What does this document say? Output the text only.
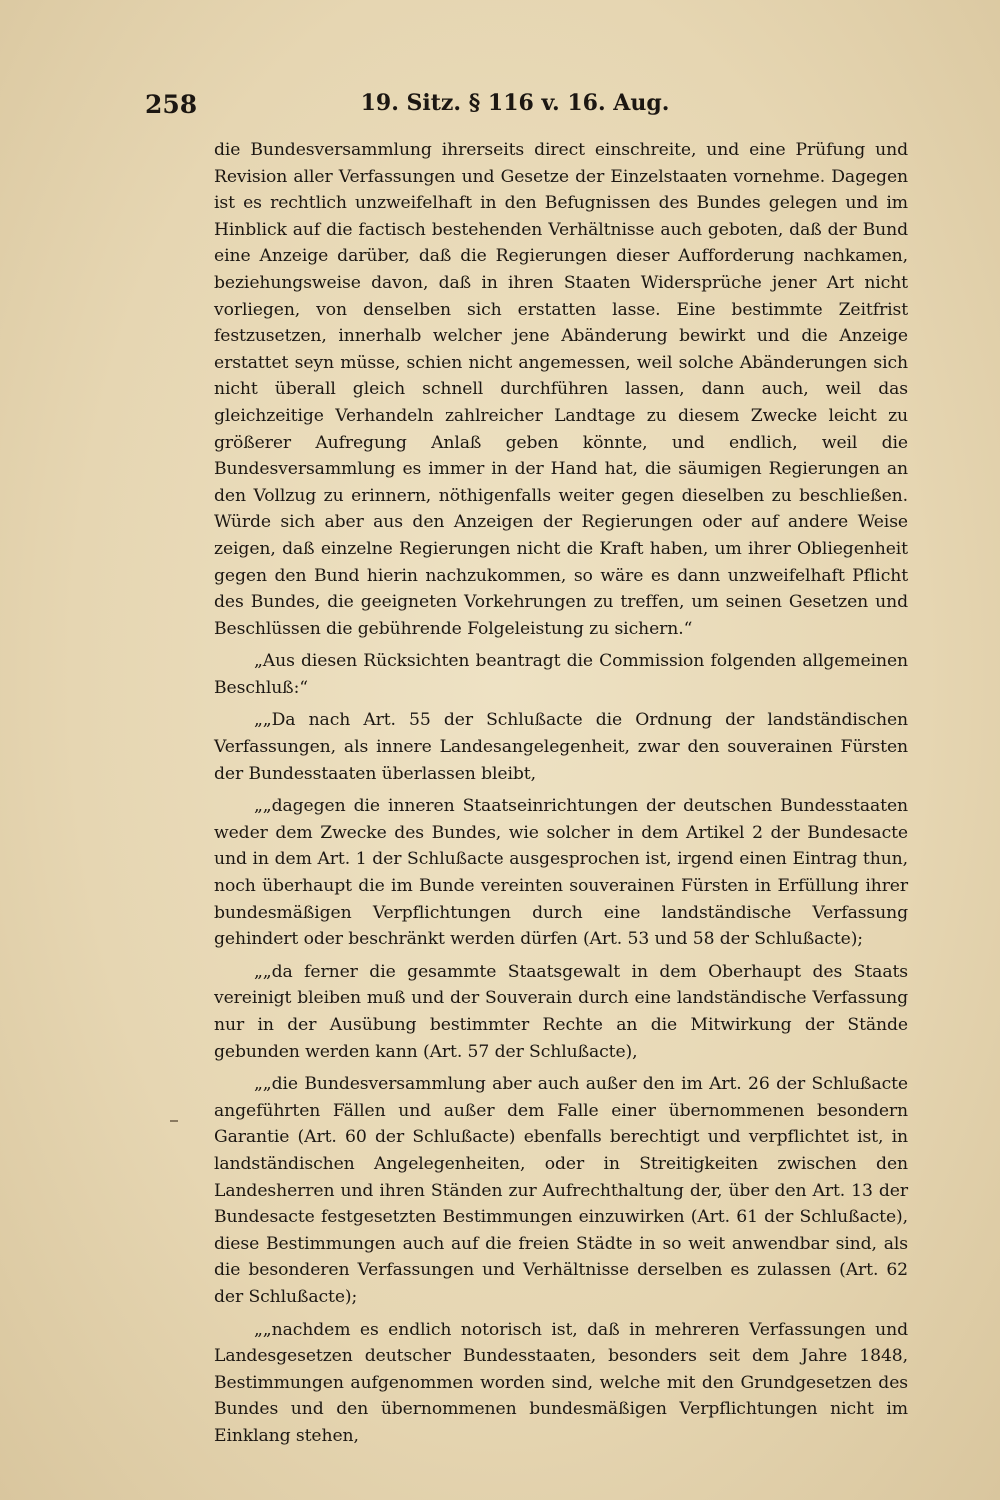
258	19. Sitz. § 116 v. 16. Aug.

die Bundesversammlung ihrerseits direct einschreite, und eine Prüfung und Revision aller Verfassungen und Gesetze der Einzelstaaten vornehme. Dagegen ist es rechtlich unzweifelhaft in den Befugnissen des Bundes gelegen und im Hinblick auf die factisch bestehenden Verhältnisse auch geboten, daß der Bund eine Anzeige darüber, daß die Regierungen dieser Aufforderung nachkamen, beziehungsweise davon, daß in ihren Staaten Widersprüche jener Art nicht vorliegen, von denselben sich erstatten lasse. Eine bestimmte Zeitfrist festzusetzen, innerhalb welcher jene Abänderung bewirkt und die Anzeige erstattet seyn müsse, schien nicht angemessen, weil solche Abänderungen sich nicht überall gleich schnell durchführen lassen, dann auch, weil das gleichzeitige Verhandeln zahlreicher Landtage zu diesem Zwecke leicht zu größerer Aufregung Anlaß geben könnte, und endlich, weil die Bundesversammlung es immer in der Hand hat, die säumigen Regierungen an den Vollzug zu erinnern, nöthigenfalls weiter gegen dieselben zu beschließen. Würde sich aber aus den Anzeigen der Regierungen oder auf andere Weise zeigen, daß einzelne Regierungen nicht die Kraft haben, um ihrer Obliegenheit gegen den Bund hierin nachzukommen, so wäre es dann unzweifelhaft Pflicht des Bundes, die geeigneten Vorkehrungen zu treffen, um seinen Gesetzen und Beschlüssen die gebührende Folgeleistung zu sichern.“

„Aus diesen Rücksichten beantragt die Commission folgenden allgemeinen Beschluß:“

„„Da nach Art. 55 der Schlußacte die Ordnung der landständischen Verfassungen, als innere Landesangelegenheit, zwar den souverainen Fürsten der Bundesstaaten überlassen bleibt,

„„dagegen die inneren Staatseinrichtungen der deutschen Bundesstaaten weder dem Zwecke des Bundes, wie solcher in dem Artikel 2 der Bundesacte und in dem Art. 1 der Schlußacte ausgesprochen ist, irgend einen Eintrag thun, noch überhaupt die im Bunde vereinten souverainen Fürsten in Erfüllung ihrer bundesmäßigen Verpflichtungen durch eine landständische Verfassung gehindert oder beschränkt werden dürfen (Art. 53 und 58 der Schlußacte);

„„da ferner die gesammte Staatsgewalt in dem Oberhaupt des Staats vereinigt bleiben muß und der Souverain durch eine landständische Verfassung nur in der Ausübung bestimmter Rechte an die Mitwirkung der Stände gebunden werden kann (Art. 57 der Schlußacte),

„„die Bundesversammlung aber auch außer den im Art. 26 der Schlußacte angeführten Fällen und außer dem Falle einer übernommenen besondern Garantie (Art. 60 der Schlußacte) ebenfalls berechtigt und verpflichtet ist, in landständischen Angelegenheiten, oder in Streitigkeiten zwischen den Landesherren und ihren Ständen zur Aufrechthaltung der, über den Art. 13 der Bundesacte festgesetzten Bestimmungen einzuwirken (Art. 61 der Schlußacte), diese Bestimmungen auch auf die freien Städte in so weit anwendbar sind, als die besonderen Verfassungen und Verhältnisse derselben es zulassen (Art. 62 der Schlußacte);

„„nachdem es endlich notorisch ist, daß in mehreren Verfassungen und Landesgesetzen deutscher Bundesstaaten, besonders seit dem Jahre 1848, Bestimmungen aufgenommen worden sind, welche mit den Grundgesetzen des Bundes und den übernommenen bundesmäßigen Verpflichtungen nicht im Einklang stehen,
